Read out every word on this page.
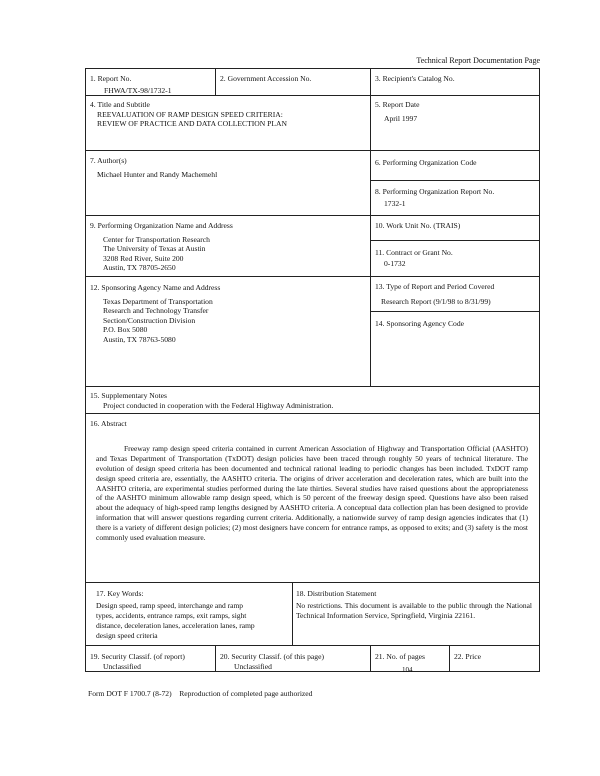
Technical Report Documentation Page
1. Report No.
FHWA/TX-98/1732-1
2. Government Accession No.	3. Recipient's Catalog No.
4. Title and Subtitle
REEVALUATION OF RAMP DESIGN SPEED CRITERIA:
REVIEW OF PRACTICE AND DATA COLLECTION PLAN
5. Report Date
April 1997
7. Author(s)
Michael Hunter and Randy Machemehl
6. Performing Organization Code
8. Performing Organization Report No.
1732-1
9. Performing Organization Name and Address
Center for Transportation Research
The University of Texas at Austin
3208 Red River, Suite 200
Austin, TX 78705-2650
10. Work Unit No. (TRAIS)
11. Contract or Grant No.
0-1732
12. Sponsoring Agency Name and Address
Texas Department of Transportation
Research and Technology Transfer
Section/Construction Division
P.O. Box 5080
Austin, TX 78763-5080
13. Type of Report and Period Covered
Research Report (9/1/98 to 8/31/99)
14. Sponsoring Agency Code
15. Supplementary Notes
Project conducted in cooperation with the Federal Highway Administration.
16. Abstract
Freeway ramp design speed criteria contained in current American Association of Highway and Transportation Official (AASHTO) and Texas Department of Transportation (TxDOT) design policies have been traced through roughly 50 years of technical literature. The evolution of design speed criteria has been documented and technical rational leading to periodic changes has been included. TxDOT ramp design speed criteria are, essentially, the AASHTO criteria. The origins of driver acceleration and deceleration rates, which are built into the AASHTO criteria, are experimental studies performed during the late thirties. Several studies have raised questions about the appropriateness of the AASHTO minimum allowable ramp design speed, which is 50 percent of the freeway design speed. Questions have also been raised about the adequacy of high-speed ramp lengths designed by AASHTO criteria. A conceptual data collection plan has been designed to provide information that will answer questions regarding current criteria. Additionally, a nationwide survey of ramp design agencies indicates that (1) there is a variety of different design policies; (2) most designers have concern for entrance ramps, as opposed to exits; and (3) safety is the most commonly used evaluation measure.
17. Key Words:
Design speed, ramp speed, interchange and ramp
types, accidents, entrance ramps, exit ramps, sight
distance, deceleration lanes, acceleration lanes, ramp
design speed criteria
18. Distribution Statement
No restrictions. This document is available to the public through the National Technical Information Service, Springfield, Virginia 22161.
19. Security Classif. (of report)
Unclassified
20. Security Classif. (of this page)
Unclassified
21. No. of pages
104
22. Price
Form DOT F 1700.7 (8-72) Reproduction of completed page authorized
